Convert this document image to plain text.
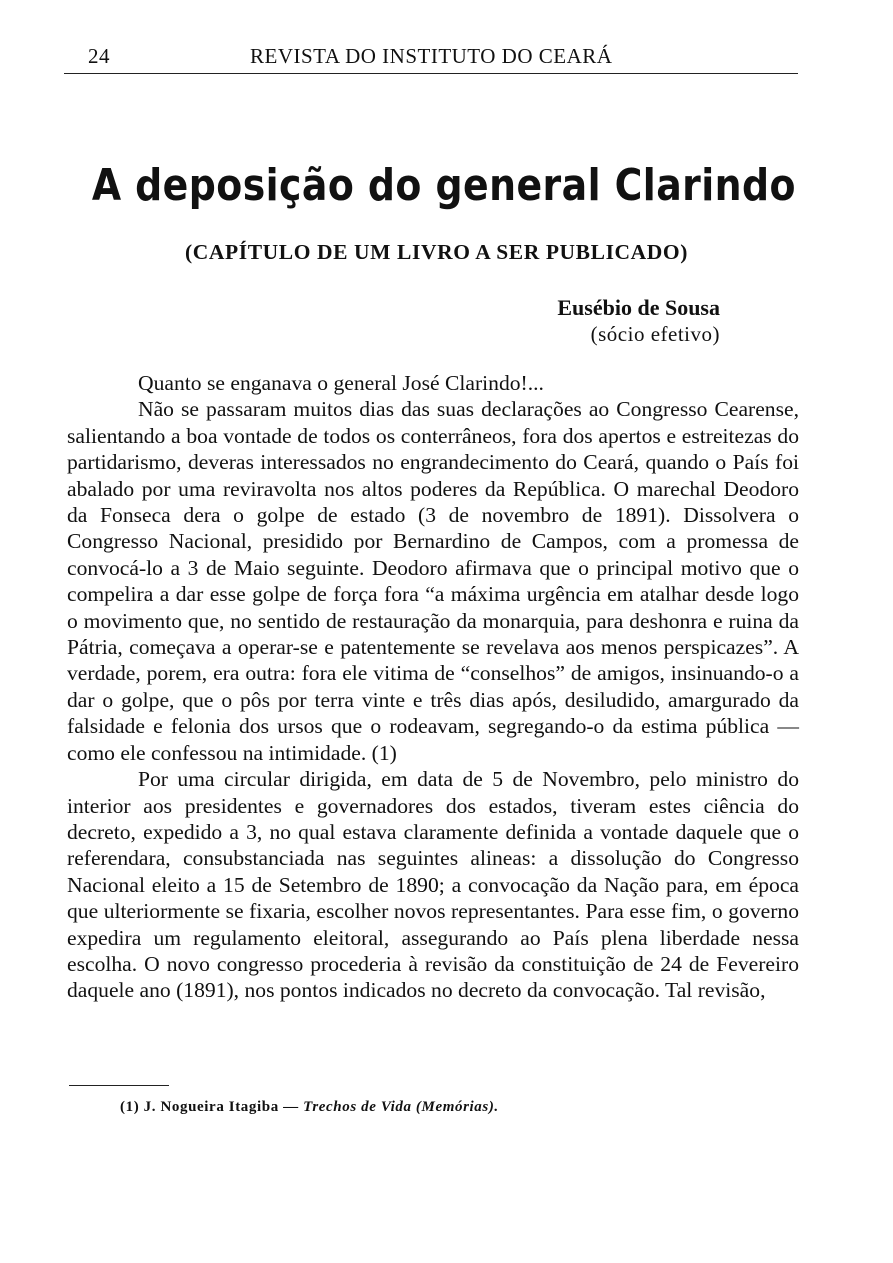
24	REVISTA DO INSTITUTO DO CEARÁ
A deposição do general Clarindo
(CAPÍTULO DE UM LIVRO A SER PUBLICADO)
Eusébio de Sousa
(sócio efetivo)

Quanto se enganava o general José Clarindo!...

Não se passaram muitos dias das suas declarações ao Congresso Cearense, salientando a boa vontade de todos os conterrâneos, fora dos apertos e estreitezas do partidarismo, deveras interessados no engrandecimento do Ceará, quando o País foi abalado por uma reviravolta nos altos poderes da República. O marechal Deodoro da Fonseca dera o golpe de estado (3 de novembro de 1891). Dissolvera o Congresso Nacional, presidido por Bernardino de Campos, com a promessa de convocá-lo a 3 de Maio seguinte. Deodoro afirmava que o principal motivo que o compelira a dar esse golpe de força fora “a máxima urgência em atalhar desde logo o movimento que, no sentido de restauração da monarquia, para deshonra e ruina da Pátria, começava a operar-se e patentemente se revelava aos menos perspicazes”. A verdade, porem, era outra: fora ele vitima de “conselhos” de amigos, insinuando-o a dar o golpe, que o pôs por terra vinte e três dias após, desiludido, amargurado da falsidade e felonia dos ursos que o rodeavam, segregando-o da estima pública — como ele confessou na intimidade. (1)

Por uma circular dirigida, em data de 5 de Novembro, pelo ministro do interior aos presidentes e governadores dos estados, tiveram estes ciência do decreto, expedido a 3, no qual estava claramente definida a vontade daquele que o referendara, consubstanciada nas seguintes alineas: a dissolução do Congresso Nacional eleito a 15 de Setembro de 1890; a convocação da Nação para, em época que ulteriormente se fixaria, escolher novos representantes. Para esse fim, o governo expedira um regulamento eleitoral, assegurando ao País plena liberdade nessa escolha. O novo congresso procederia à revisão da constituição de 24 de Fevereiro daquele ano (1891), nos pontos indicados no decreto da convocação. Tal revisão,

(1) J. Nogueira Itagiba — Trechos de Vida (Memórias).
